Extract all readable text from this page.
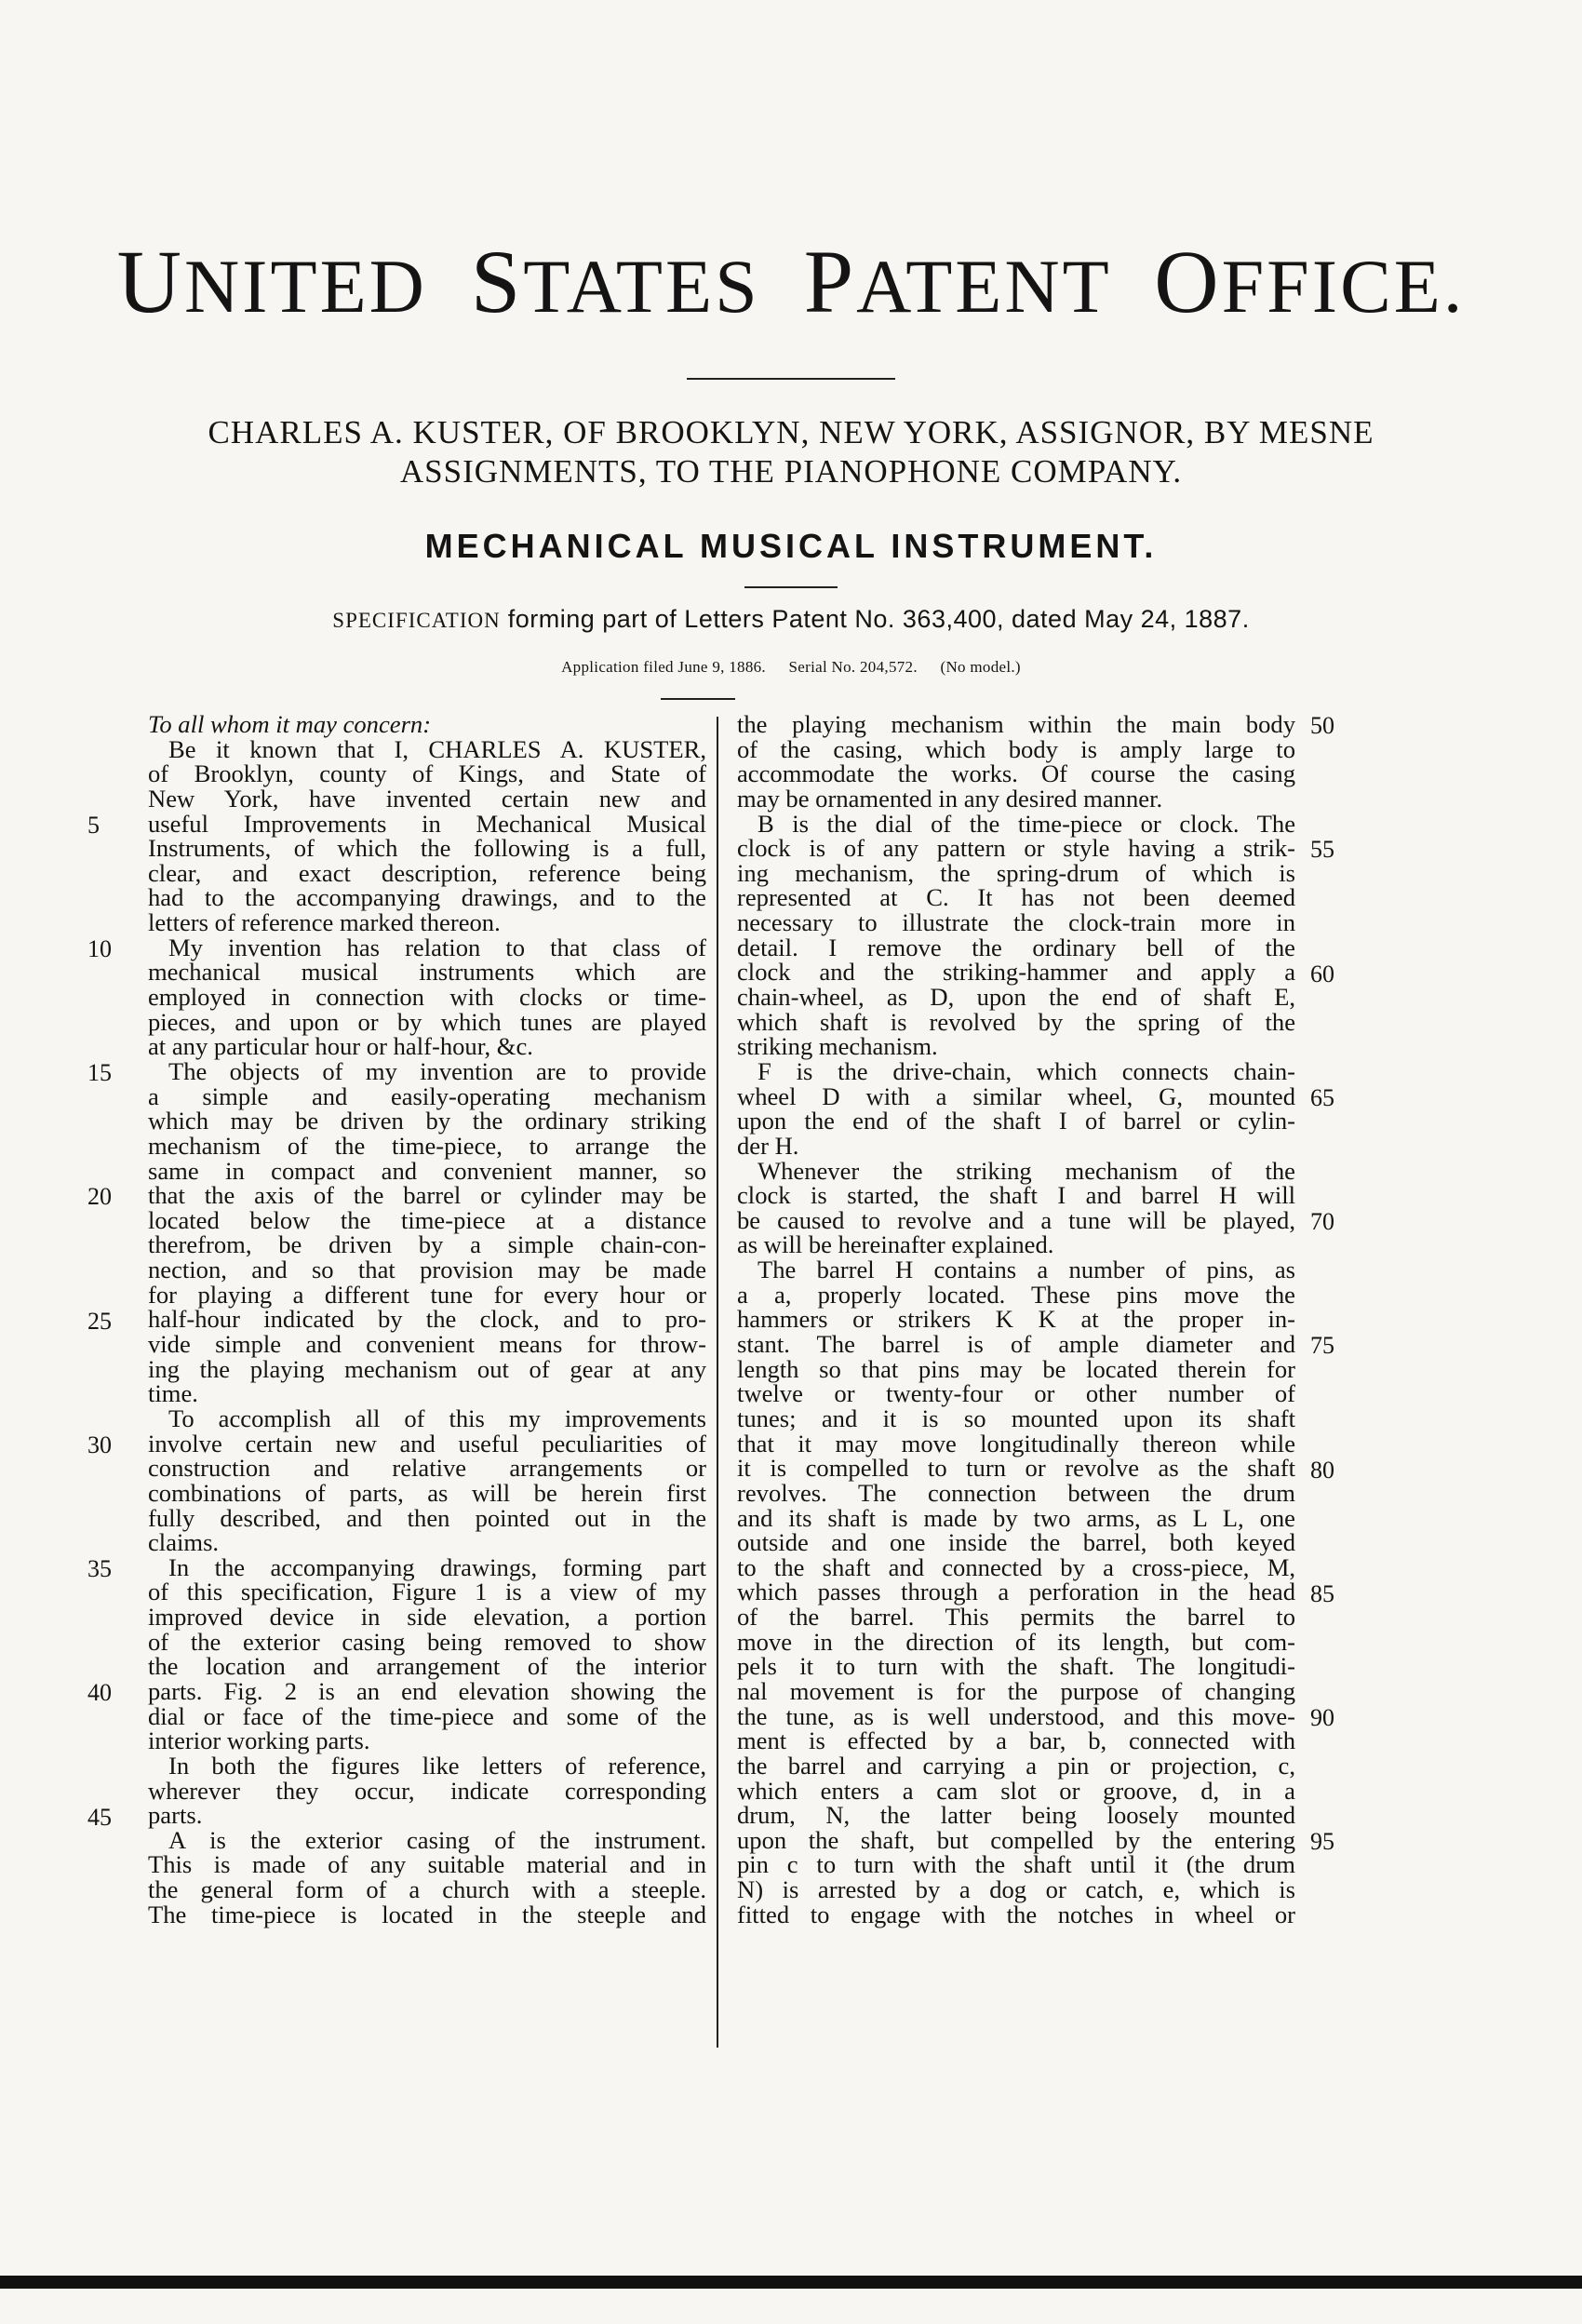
UNITED STATES PATENT OFFICE.
CHARLES A. KUSTER, OF BROOKLYN, NEW YORK, ASSIGNOR, BY MESNE
ASSIGNMENTS, TO THE PIANOPHONE COMPANY.
MECHANICAL MUSICAL INSTRUMENT.
SPECIFICATION forming part of Letters Patent No. 363,400, dated May 24, 1887.
Application filed June 9, 1886. Serial No. 204,572. (No model.)
To all whom it may concern:
Be it known that I, CHARLES A. KUSTER,
of Brooklyn, county of Kings, and State of
New York, have invented certain new and
useful Improvements in Mechanical Musical
Instruments, of which the following is a full,
clear, and exact description, reference being
had to the accompanying drawings, and to the
letters of reference marked thereon.
My invention has relation to that class of
mechanical musical instruments which are
employed in connection with clocks or time-
pieces, and upon or by which tunes are played
at any particular hour or half-hour, &c.
The objects of my invention are to provide
a simple and easily-operating mechanism
which may be driven by the ordinary striking
mechanism of the time-piece, to arrange the
same in compact and convenient manner, so
that the axis of the barrel or cylinder may be
located below the time-piece at a distance
therefrom, be driven by a simple chain-con-
nection, and so that provision may be made
for playing a different tune for every hour or
half-hour indicated by the clock, and to pro-
vide simple and convenient means for throw-
ing the playing mechanism out of gear at any
time.
To accomplish all of this my improvements
involve certain new and useful peculiarities of
construction and relative arrangements or
combinations of parts, as will be herein first
fully described, and then pointed out in the
claims.
In the accompanying drawings, forming part
of this specification, Figure 1 is a view of my
improved device in side elevation, a portion
of the exterior casing being removed to show
the location and arrangement of the interior
parts. Fig. 2 is an end elevation showing the
dial or face of the time-piece and some of the
interior working parts.
In both the figures like letters of reference,
wherever they occur, indicate corresponding
parts.
A is the exterior casing of the instrument.
This is made of any suitable material and in
the general form of a church with a steeple.
The time-piece is located in the steeple and
the playing mechanism within the main body
of the casing, which body is amply large to
accommodate the works. Of course the casing
may be ornamented in any desired manner.
B is the dial of the time-piece or clock. The
clock is of any pattern or style having a strik-
ing mechanism, the spring-drum of which is
represented at C. It has not been deemed
necessary to illustrate the clock-train more in
detail. I remove the ordinary bell of the
clock and the striking-hammer and apply a
chain-wheel, as D, upon the end of shaft E,
which shaft is revolved by the spring of the
striking mechanism.
F is the drive-chain, which connects chain-
wheel D with a similar wheel, G, mounted
upon the end of the shaft I of barrel or cylin-
der H.
Whenever the striking mechanism of the
clock is started, the shaft I and barrel H will
be caused to revolve and a tune will be played,
as will be hereinafter explained.
The barrel H contains a number of pins, as
a a, properly located. These pins move the
hammers or strikers K K at the proper in-
stant. The barrel is of ample diameter and
length so that pins may be located therein for
twelve or twenty-four or other number of
tunes; and it is so mounted upon its shaft
that it may move longitudinally thereon while
it is compelled to turn or revolve as the shaft
revolves. The connection between the drum
and its shaft is made by two arms, as L L, one
outside and one inside the barrel, both keyed
to the shaft and connected by a cross-piece, M,
which passes through a perforation in the head
of the barrel. This permits the barrel to
move in the direction of its length, but com-
pels it to turn with the shaft. The longitudi-
nal movement is for the purpose of changing
the tune, as is well understood, and this move-
ment is effected by a bar, b, connected with
the barrel and carrying a pin or projection, c,
which enters a cam slot or groove, d, in a
drum, N, the latter being loosely mounted
upon the shaft, but compelled by the entering
pin c to turn with the shaft until it (the drum
N) is arrested by a dog or catch, e, which is
fitted to engage with the notches in wheel or
5
10
15
20
25
30
35
40
45
50
55
60
65
70
75
80
85
90
95
